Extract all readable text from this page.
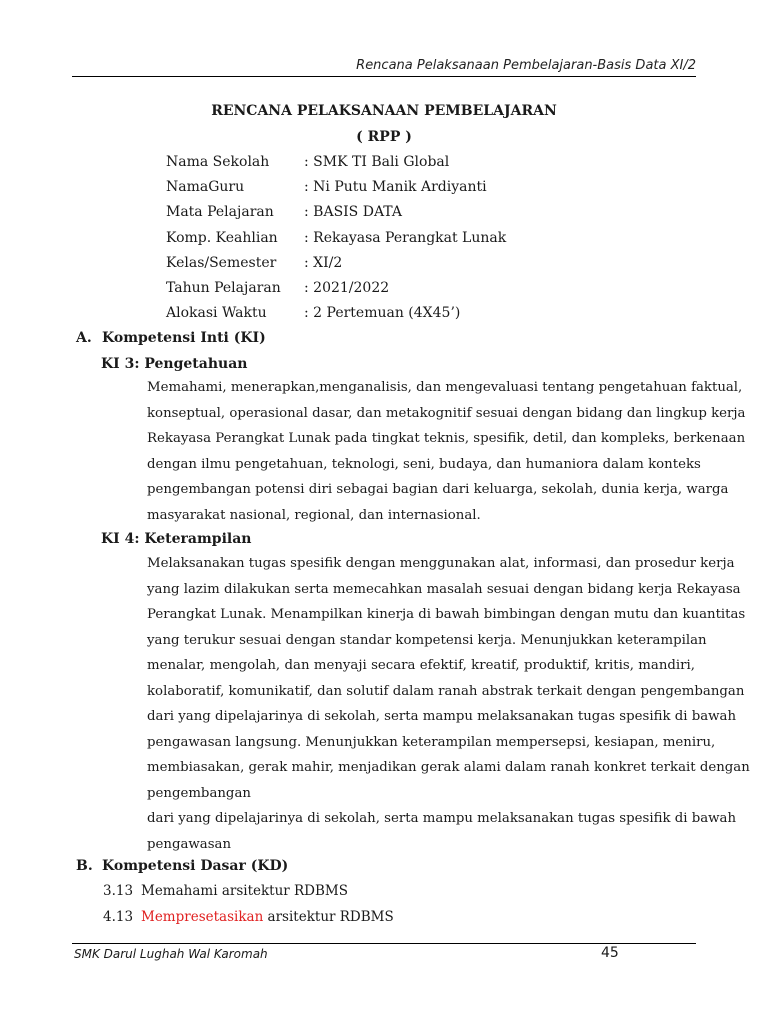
Rencana Pelaksanaan Pembelajaran-Basis Data XI/2
RENCANA PELAKSANAAN PEMBELAJARAN
( RPP )
Nama Sekolah : SMK TI Bali Global
NamaGuru	: Ni Putu Manik Ardiyanti
Mata Pelajaran : BASIS DATA
Komp. Keahlian : Rekayasa Perangkat Lunak
Kelas/Semester : XI/2
Tahun Pelajaran : 2021/2022
Alokasi Waktu	: 2 Pertemuan (4X45’)
A. Kompetensi Inti (KI)
KI 3: Pengetahuan
Memahami, menerapkan,menganalisis, dan mengevaluasi tentang pengetahuan faktual,
konseptual, operasional dasar, dan metakognitif sesuai dengan bidang dan lingkup kerja
Rekayasa Perangkat Lunak pada tingkat teknis, spesifik, detil, dan kompleks, berkenaan
dengan ilmu pengetahuan, teknologi, seni, budaya, dan humaniora dalam konteks
pengembangan potensi diri sebagai bagian dari keluarga, sekolah, dunia kerja, warga
masyarakat nasional, regional, dan internasional.
KI 4: Keterampilan
Melaksanakan tugas spesifik dengan menggunakan alat, informasi, dan prosedur kerja
yang lazim dilakukan serta memecahkan masalah sesuai dengan bidang kerja Rekayasa
Perangkat Lunak. Menampilkan kinerja di bawah bimbingan dengan mutu dan kuantitas
yang terukur sesuai dengan standar kompetensi kerja. Menunjukkan keterampilan
menalar, mengolah, dan menyaji secara efektif, kreatif, produktif, kritis, mandiri,
kolaboratif, komunikatif, dan solutif dalam ranah abstrak terkait dengan pengembangan
dari yang dipelajarinya di sekolah, serta mampu melaksanakan tugas spesifik di bawah
pengawasan langsung. Menunjukkan keterampilan mempersepsi, kesiapan, meniru,
membiasakan, gerak mahir, menjadikan gerak alami dalam ranah konkret terkait dengan
pengembangan
dari yang dipelajarinya di sekolah, serta mampu melaksanakan tugas spesifik di bawah
pengawasan
B. Kompetensi Dasar (KD)
3.13 Memahami arsitektur RDBMS
4.13 Mempresetasikan arsitektur RDBMS
SMK Darul Lughah Wal Karomah	45
